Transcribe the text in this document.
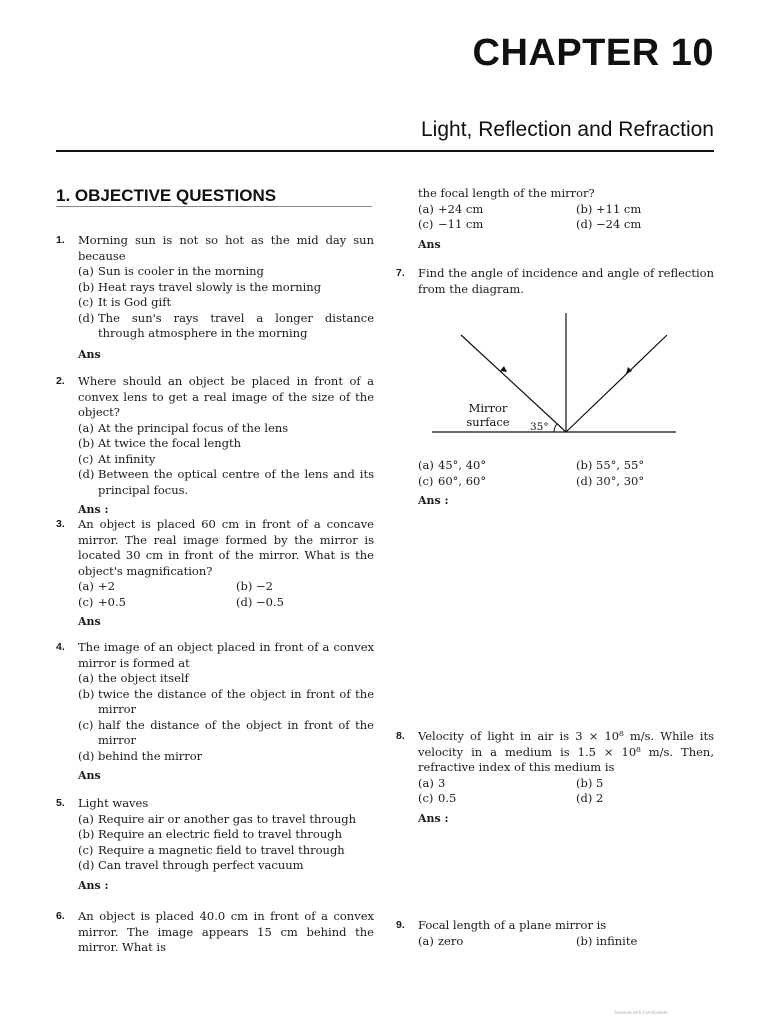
CHAPTER 10
Light, Reflection and Refraction
1. OBJECTIVE QUESTIONS
1. Morning sun is not so hot as the mid day sun because
(a) Sun is cooler in the morning
(b) Heat rays travel slowly is the morning
(c) It is God gift
(d) The sun's rays travel a longer distance through atmosphere in the morning
Ans
2. Where should an object be placed in front of a convex lens to get a real image of the size of the object?
(a) At the principal focus of the lens
(b) At twice the focal length
(c) At infinity
(d) Between the optical centre of the lens and its principal focus.
Ans :
3. An object is placed 60 cm in front of a concave mirror. The real image formed by the mirror is located 30 cm in front of the mirror. What is the object's magnification?
(a) +2	(b) −2
(c) +0.5	(d) −0.5
Ans
4. The image of an object placed in front of a convex mirror is formed at
(a) the object itself
(b) twice the distance of the object in front of the mirror
(c) half the distance of the object in front of the mirror
(d) behind the mirror
Ans
5. Light waves
(a) Require air or another gas to travel through
(b) Require an electric field to travel through
(c) Require a magnetic field to travel through
(d) Can travel through perfect vacuum
Ans :
6. An object is placed 40.0 cm in front of a convex mirror. The image appears 15 cm behind the mirror. What is
the focal length of the mirror?
(a) +24 cm	(b) +11 cm
(c) −11 cm	(d) −24 cm
Ans
7. Find the angle of incidence and angle of reflection from the diagram.
Mirror
surface 35°
(a) 45°, 40°	(b) 55°, 55°
(c) 60°, 60°	(d) 30°, 30°
Ans :
8. Velocity of light in air is 3 × 10⁸ m/s. While its velocity in a medium is 1.5 × 10⁸ m/s. Then, refractive index of this medium is
(a) 3	(b) 5
(c) 0.5	(d) 2
Ans :
9. Focal length of a plane mirror is
(a) zero	(b) infinite
Scanned with CamScanner
